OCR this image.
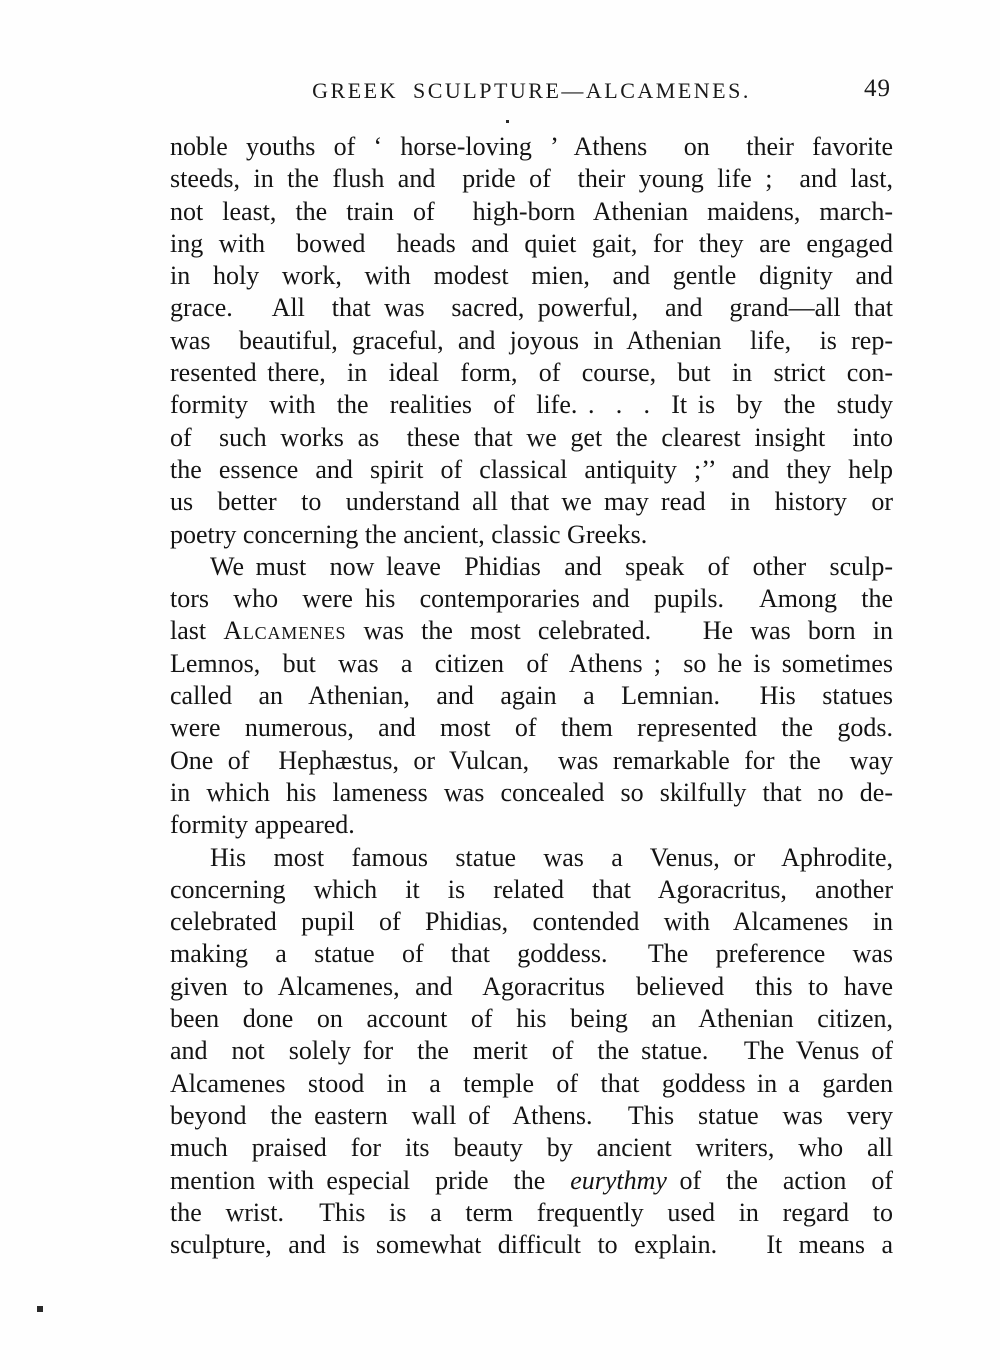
GREEK SCULPTURE—ALCAMENES.	49
noble youths of ‘ horse-loving ’ Athens  on  their favorite
steeds, in the flush and  pride of  their young life ;  and last,
not least, the train of  high-born Athenian maidens, march-
ing with  bowed  heads and quiet gait, for they are engaged
in  holy  work,  with  modest  mien,  and  gentle  dignity  and
grace.   All  that was  sacred, powerful,  and  grand—all that
was  beautiful, graceful, and joyous in Athenian  life,  is rep-
resented there,  in  ideal  form,  of  course,  but  in  strict  con-
formity  with  the  realities  of  life. .  .  .  It is  by  the  study
of  such works as  these that we get the clearest insight  into
the essence and spirit of classical antiquity ;’’ and they help
us  better  to  understand all that we may read  in  history  or
poetry concerning the ancient, classic Greeks.
We must  now leave  Phidias  and  speak  of  other  sculp-
tors  who  were his  contemporaries and  pupils.   Among  the
last Alcamenes was the most celebrated.   He was born in
Lemnos,  but  was  a  citizen  of  Athens ;  so he is sometimes
called  an  Athenian,  and  again  a  Lemnian.   His  statues
were  numerous,  and  most  of  them  represented  the  gods.
One of  Hephæstus, or Vulcan,  was remarkable for the  way
in which his lameness was concealed so skilfully that no de-
formity appeared.
His  most  famous  statue  was  a  Venus, or  Aphrodite,
concerning  which  it  is  related  that  Agoracritus,  another
celebrated  pupil  of  Phidias,  contended  with  Alcamenes  in
making  a  statue  of  that  goddess.   The  preference  was
given to Alcamenes, and  Agoracritus  believed  this to have
been  done  on  account  of  his  being  an  Athenian  citizen,
and  not  solely for  the  merit  of  the statue.   The Venus of
Alcamenes  stood  in  a  temple  of  that  goddess in a  garden
beyond  the eastern  wall of  Athens.   This  statue  was  very
much  praised  for  its  beauty  by  ancient  writers,  who  all
mention with especial  pride  the  eurythmy of  the  action  of
the  wrist.   This  is  a  term  frequently  used  in  regard  to
sculpture, and is somewhat difficult to explain.   It means a
